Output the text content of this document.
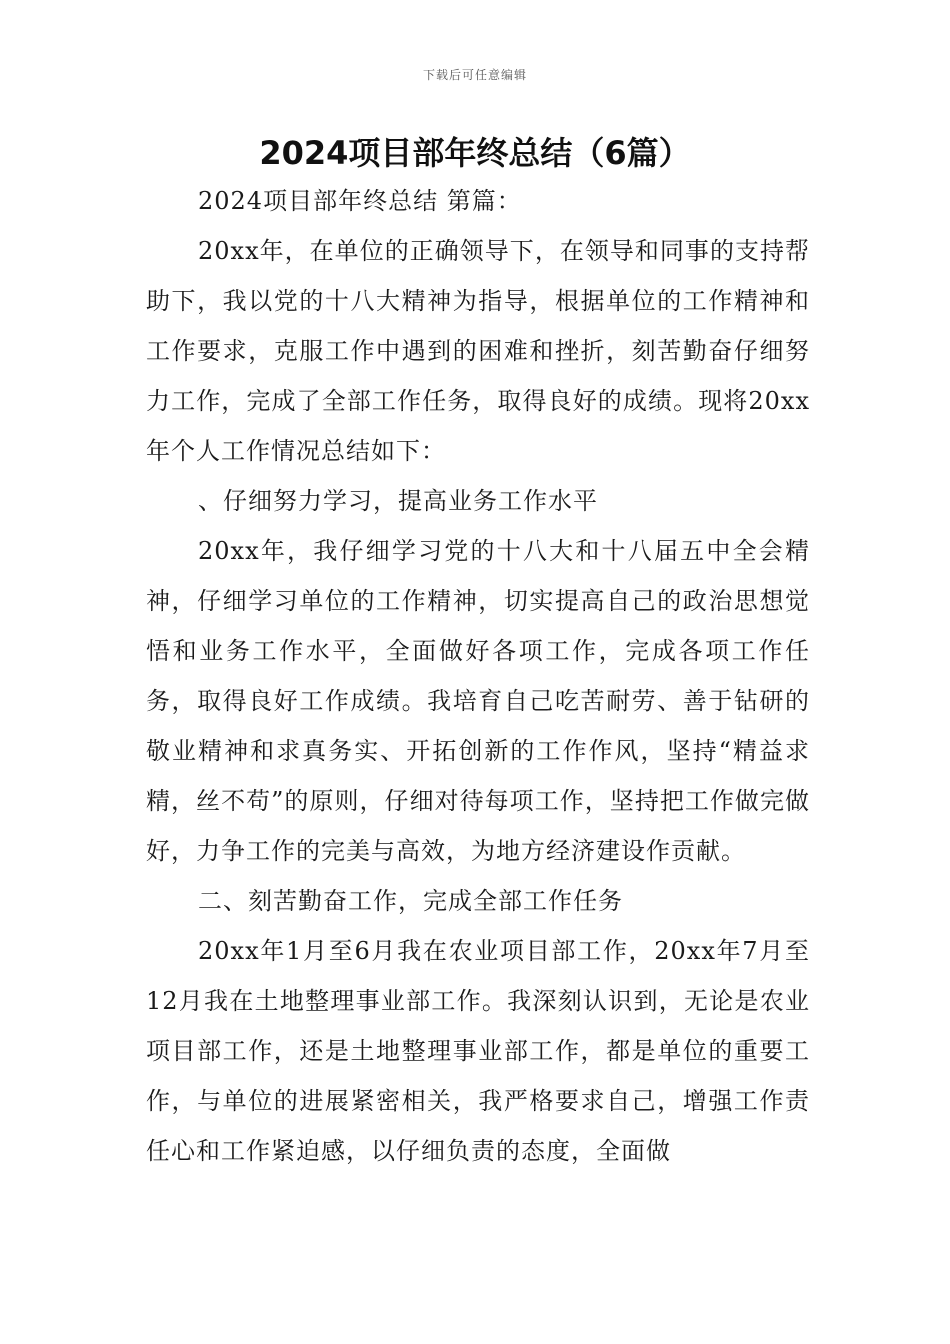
下载后可任意编辑
2024项目部年终总结（6篇）

2024项目部年终总结 第篇：

20xx年，在单位的正确领导下，在领导和同事的支持帮助下，我以党的十八大精神为指导，根据单位的工作精神和工作要求，克服工作中遇到的困难和挫折，刻苦勤奋仔细努力工作，完成了全部工作任务，取得良好的成绩。现将20xx年个人工作情况总结如下：

、仔细努力学习，提高业务工作水平

20xx年，我仔细学习党的十八大和十八届五中全会精神，仔细学习单位的工作精神，切实提高自己的政治思想觉悟和业务工作水平，全面做好各项工作，完成各项工作任务，取得良好工作成绩。我培育自己吃苦耐劳、善于钻研的敬业精神和求真务实、开拓创新的工作作风，坚持“精益求精，丝不苟”的原则，仔细对待每项工作，坚持把工作做完做好，力争工作的完美与高效，为地方经济建设作贡献。

二、刻苦勤奋工作，完成全部工作任务

20xx年1月至6月我在农业项目部工作，20xx年7月至12月我在土地整理事业部工作。我深刻认识到，无论是农业项目部工作，还是土地整理事业部工作，都是单位的重要工作，与单位的进展紧密相关，我严格要求自己，增强工作责任心和工作紧迫感，以仔细负责的态度，全面做
